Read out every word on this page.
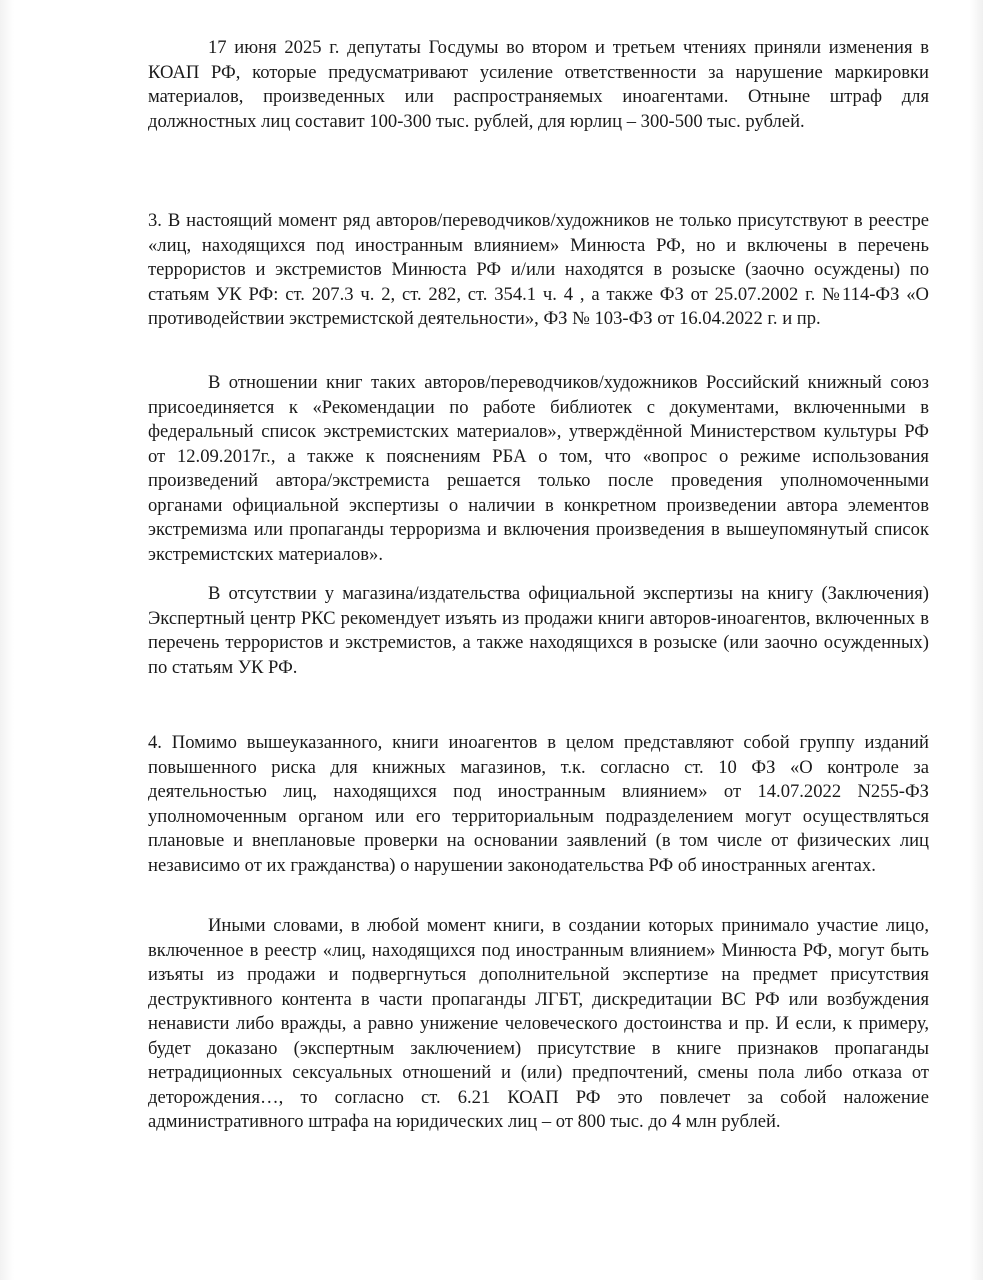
17 июня 2025 г. депутаты Госдумы во втором и третьем чтениях приняли изменения в КОАП РФ, которые предусматривают усиление ответственности за нарушение маркировки материалов, произведенных или распространяемых иноагентами. Отныне штраф для должностных лиц составит 100-300 тыс. рублей, для юрлиц – 300-500 тыс. рублей.

3. В настоящий момент ряд авторов/переводчиков/художников не только присутствуют в реестре «лиц, находящихся под иностранным влиянием» Минюста РФ, но и включены в перечень террористов и экстремистов Минюста РФ и/или находятся в розыске (заочно осуждены) по статьям УК РФ: ст. 207.3 ч. 2, ст. 282, ст. 354.1 ч. 4 , а также ФЗ от 25.07.2002 г. №114-ФЗ «О противодействии экстремистской деятельности», ФЗ № 103-ФЗ от 16.04.2022 г. и пр.

В отношении книг таких авторов/переводчиков/художников Российский книжный союз присоединяется к «Рекомендации по работе библиотек с документами, включенными в федеральный список экстремистских материалов», утверждённой Министерством культуры РФ от 12.09.2017г., а также к пояснениям РБА о том, что «вопрос о режиме использования произведений автора/экстремиста решается только после проведения уполномоченными органами официальной экспертизы о наличии в конкретном произведении автора элементов экстремизма или пропаганды терроризма и включения произведения в вышеупомянутый список экстремистских материалов».

В отсутствии у магазина/издательства официальной экспертизы на книгу (Заключения) Экспертный центр РКС рекомендует изъять из продажи книги авторов-иноагентов, включенных в перечень террористов и экстремистов, а также находящихся в розыске (или заочно осужденных) по статьям УК РФ.

4. Помимо вышеуказанного, книги иноагентов в целом представляют собой группу изданий повышенного риска для книжных магазинов, т.к. согласно ст. 10 ФЗ «О контроле за деятельностью лиц, находящихся под иностранным влиянием» от 14.07.2022 N255-ФЗ уполномоченным органом или его территориальным подразделением могут осуществляться плановые и внеплановые проверки на основании заявлений (в том числе от физических лиц независимо от их гражданства) о нарушении законодательства РФ об иностранных агентах.

Иными словами, в любой момент книги, в создании которых принимало участие лицо, включенное в реестр «лиц, находящихся под иностранным влиянием» Минюста РФ, могут быть изъяты из продажи и подвергнуться дополнительной экспертизе на предмет присутствия деструктивного контента в части пропаганды ЛГБТ, дискредитации ВС РФ или возбуждения ненависти либо вражды, а равно унижение человеческого достоинства и пр. И если, к примеру, будет доказано (экспертным заключением) присутствие в книге признаков пропаганды нетрадиционных сексуальных отношений и (или) предпочтений, смены пола либо отказа от деторождения…, то согласно ст. 6.21 КОАП РФ это повлечет за собой наложение административного штрафа на юридических лиц – от 800 тыс. до 4 млн рублей.
